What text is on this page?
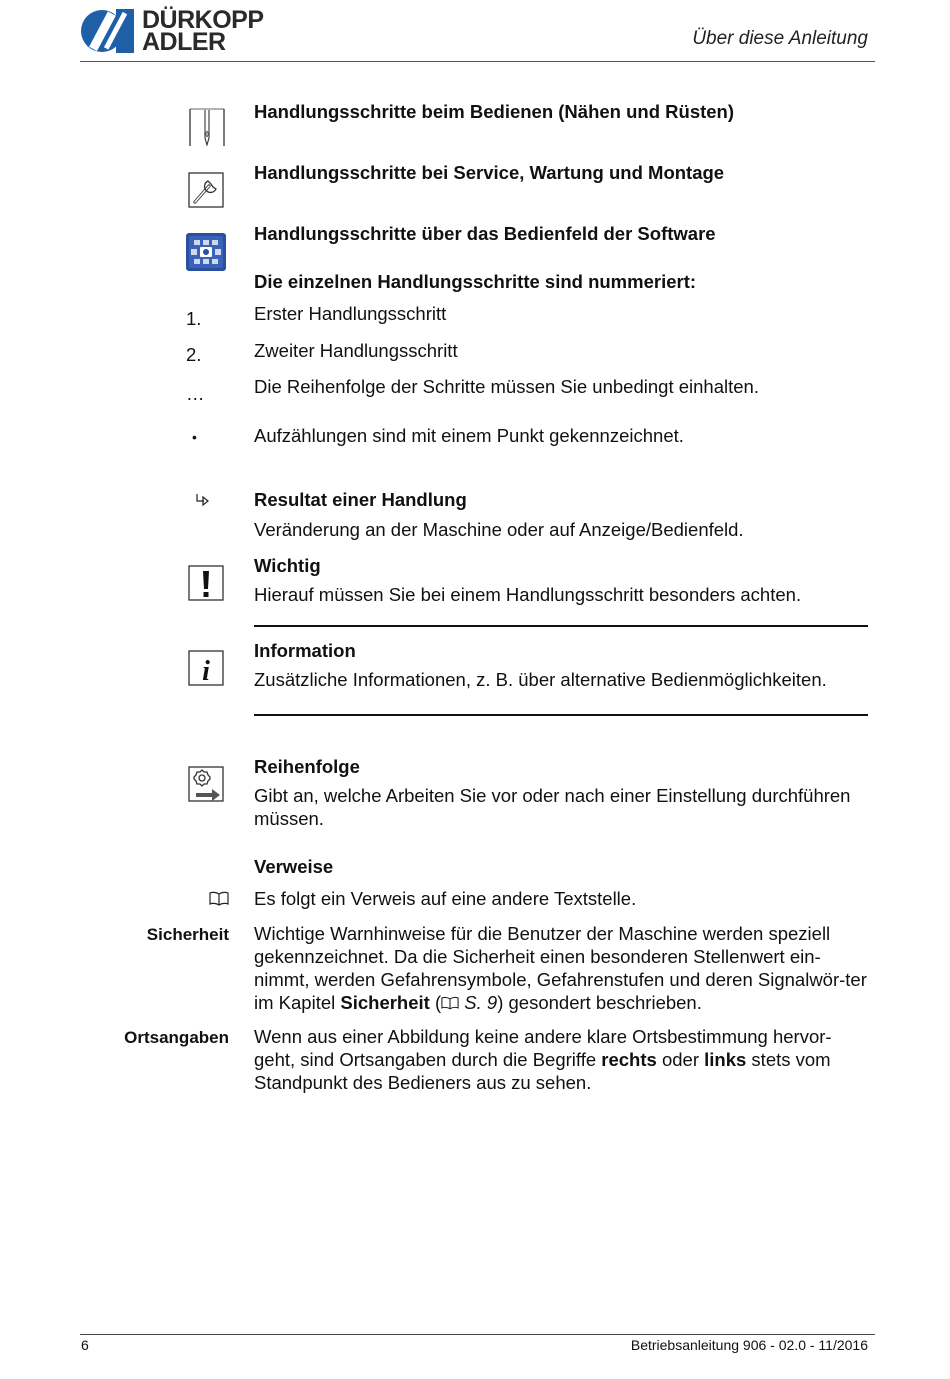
DÜRKOPP
ADLER	Über diese Anleitung
Handlungsschritte beim Bedienen (Nähen und Rüsten)
Handlungsschritte bei Service, Wartung und Montage
Handlungsschritte über das Bedienfeld der Software
Die einzelnen Handlungsschritte sind nummeriert:
1.	Erster Handlungsschritt
2.	Zweiter Handlungsschritt
…	Die Reihenfolge der Schritte müssen Sie unbedingt einhalten.
•	Aufzählungen sind mit einem Punkt gekennzeichnet.
Resultat einer Handlung
Veränderung an der Maschine oder auf Anzeige/Bedienfeld.
Wichtig
Hierauf müssen Sie bei einem Handlungsschritt besonders achten.
i
Information
Zusätzliche Informationen, z. B. über alternative Bedienmöglichkeiten.
Reihenfolge
Gibt an, welche Arbeiten Sie vor oder nach einer Einstellung durchführen müssen.
Verweise
Es folgt ein Verweis auf eine andere Textstelle.
Sicherheit Wichtige Warnhinweise für die Benutzer der Maschine werden speziell gekennzeichnet. Da die Sicherheit einen besonderen Stellenwert ein-nimmt, werden Gefahrensymbole, Gefahrenstufen und deren Signalwör-ter im Kapitel Sicherheit ( S. 9) gesondert beschrieben.
Ortsangaben Wenn aus einer Abbildung keine andere klare Ortsbestimmung hervor-geht, sind Ortsangaben durch die Begriffe rechts oder links stets vom Standpunkt des Bedieners aus zu sehen.
6	Betriebsanleitung 906 - 02.0 - 11/2016
